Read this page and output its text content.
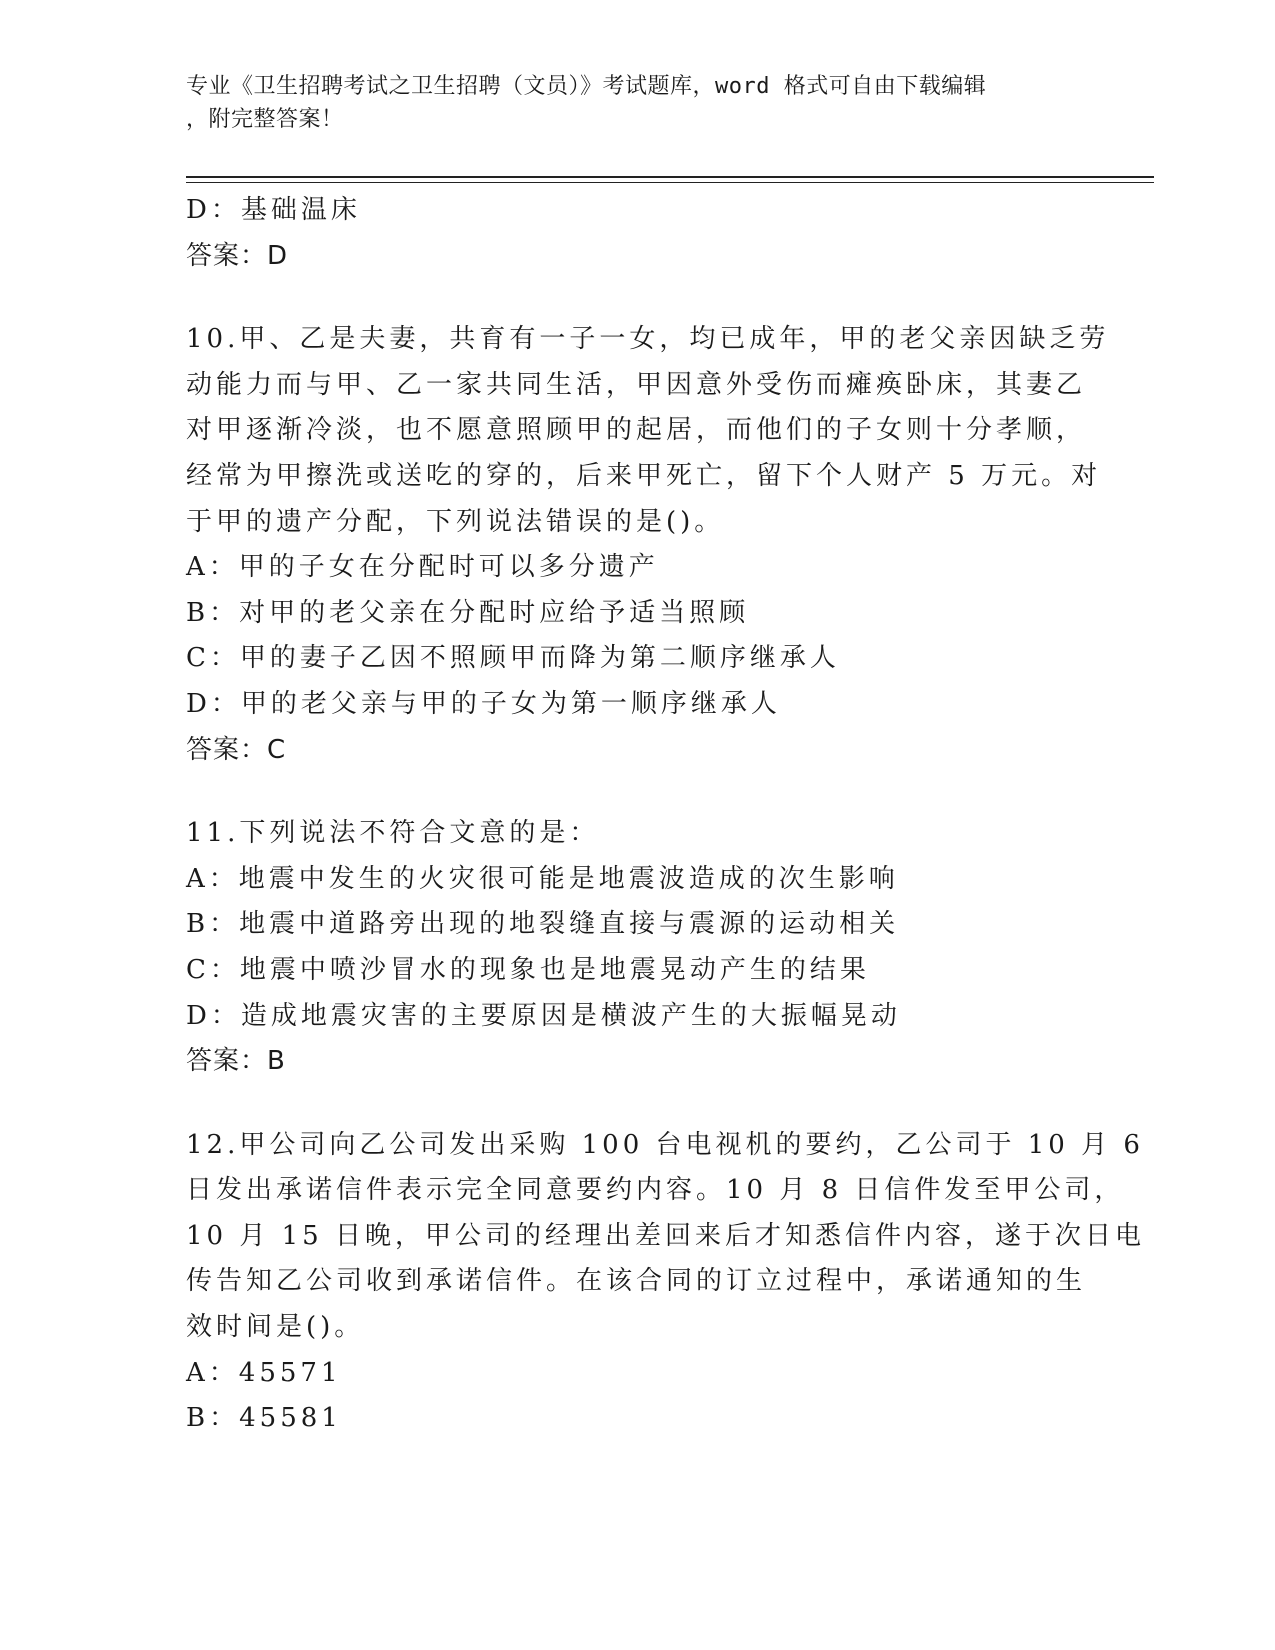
专业《卫生招聘考试之卫生招聘（文员）》考试题库，word 格式可自由下载编辑
，附完整答案！
D：基础温床
答案：D
10.甲、乙是夫妻，共育有一子一女，均已成年，甲的老父亲因缺乏劳
动能力而与甲、乙一家共同生活，甲因意外受伤而瘫痪卧床，其妻乙
对甲逐渐冷淡，也不愿意照顾甲的起居，而他们的子女则十分孝顺，
经常为甲擦洗或送吃的穿的，后来甲死亡，留下个人财产 5 万元。对
于甲的遗产分配，下列说法错误的是()。
A：甲的子女在分配时可以多分遗产
B：对甲的老父亲在分配时应给予适当照顾
C：甲的妻子乙因不照顾甲而降为第二顺序继承人
D：甲的老父亲与甲的子女为第一顺序继承人
答案：C
11.下列说法不符合文意的是：
A：地震中发生的火灾很可能是地震波造成的次生影响
B：地震中道路旁出现的地裂缝直接与震源的运动相关
C：地震中喷沙冒水的现象也是地震晃动产生的结果
D：造成地震灾害的主要原因是横波产生的大振幅晃动
答案：B
12.甲公司向乙公司发出采购 100 台电视机的要约，乙公司于 10 月 6
日发出承诺信件表示完全同意要约内容。10 月 8 日信件发至甲公司，
10 月 15 日晚，甲公司的经理出差回来后才知悉信件内容，遂于次日电
传告知乙公司收到承诺信件。在该合同的订立过程中，承诺通知的生
效时间是()。
A：45571
B：45581
